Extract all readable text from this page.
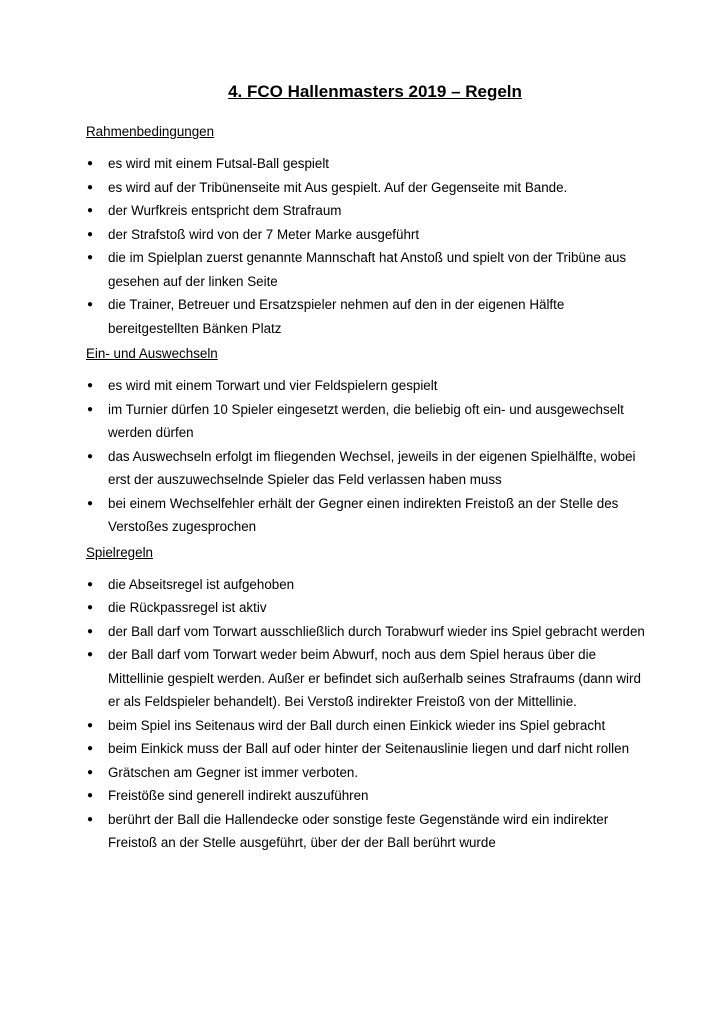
4. FCO Hallenmasters 2019 – Regeln
Rahmenbedingungen
● es wird mit einem Futsal-Ball gespielt
● es wird auf der Tribünenseite mit Aus gespielt. Auf der Gegenseite mit Bande.
● der Wurfkreis entspricht dem Strafraum
● der Strafstoß wird von der 7 Meter Marke ausgeführt
● die im Spielplan zuerst genannte Mannschaft hat Anstoß und spielt von der Tribüne aus gesehen auf der linken Seite
● die Trainer, Betreuer und Ersatzspieler nehmen auf den in der eigenen Hälfte bereitgestellten Bänken Platz
Ein- und Auswechseln
● es wird mit einem Torwart und vier Feldspielern gespielt
● im Turnier dürfen 10 Spieler eingesetzt werden, die beliebig oft ein- und ausgewechselt werden dürfen
● das Auswechseln erfolgt im fliegenden Wechsel, jeweils in der eigenen Spielhälfte, wobei erst der auszuwechselnde Spieler das Feld verlassen haben muss
● bei einem Wechselfehler erhält der Gegner einen indirekten Freistoß an der Stelle des Verstoßes zugesprochen
Spielregeln
● die Abseitsregel ist aufgehoben
● die Rückpassregel ist aktiv
● der Ball darf vom Torwart ausschließlich durch Torabwurf wieder ins Spiel gebracht werden
● der Ball darf vom Torwart weder beim Abwurf, noch aus dem Spiel heraus über die Mittellinie gespielt werden. Außer er befindet sich außerhalb seines Strafraums (dann wird er als Feldspieler behandelt). Bei Verstoß indirekter Freistoß von der Mittellinie.
● beim Spiel ins Seitenaus wird der Ball durch einen Einkick wieder ins Spiel gebracht
● beim Einkick muss der Ball auf oder hinter der Seitenauslinie liegen und darf nicht rollen
● Grätschen am Gegner ist immer verboten.
● Freistöße sind generell indirekt auszuführen
● berührt der Ball die Hallendecke oder sonstige feste Gegenstände wird ein indirekter Freistoß an der Stelle ausgeführt, über der der Ball berührt wurde
